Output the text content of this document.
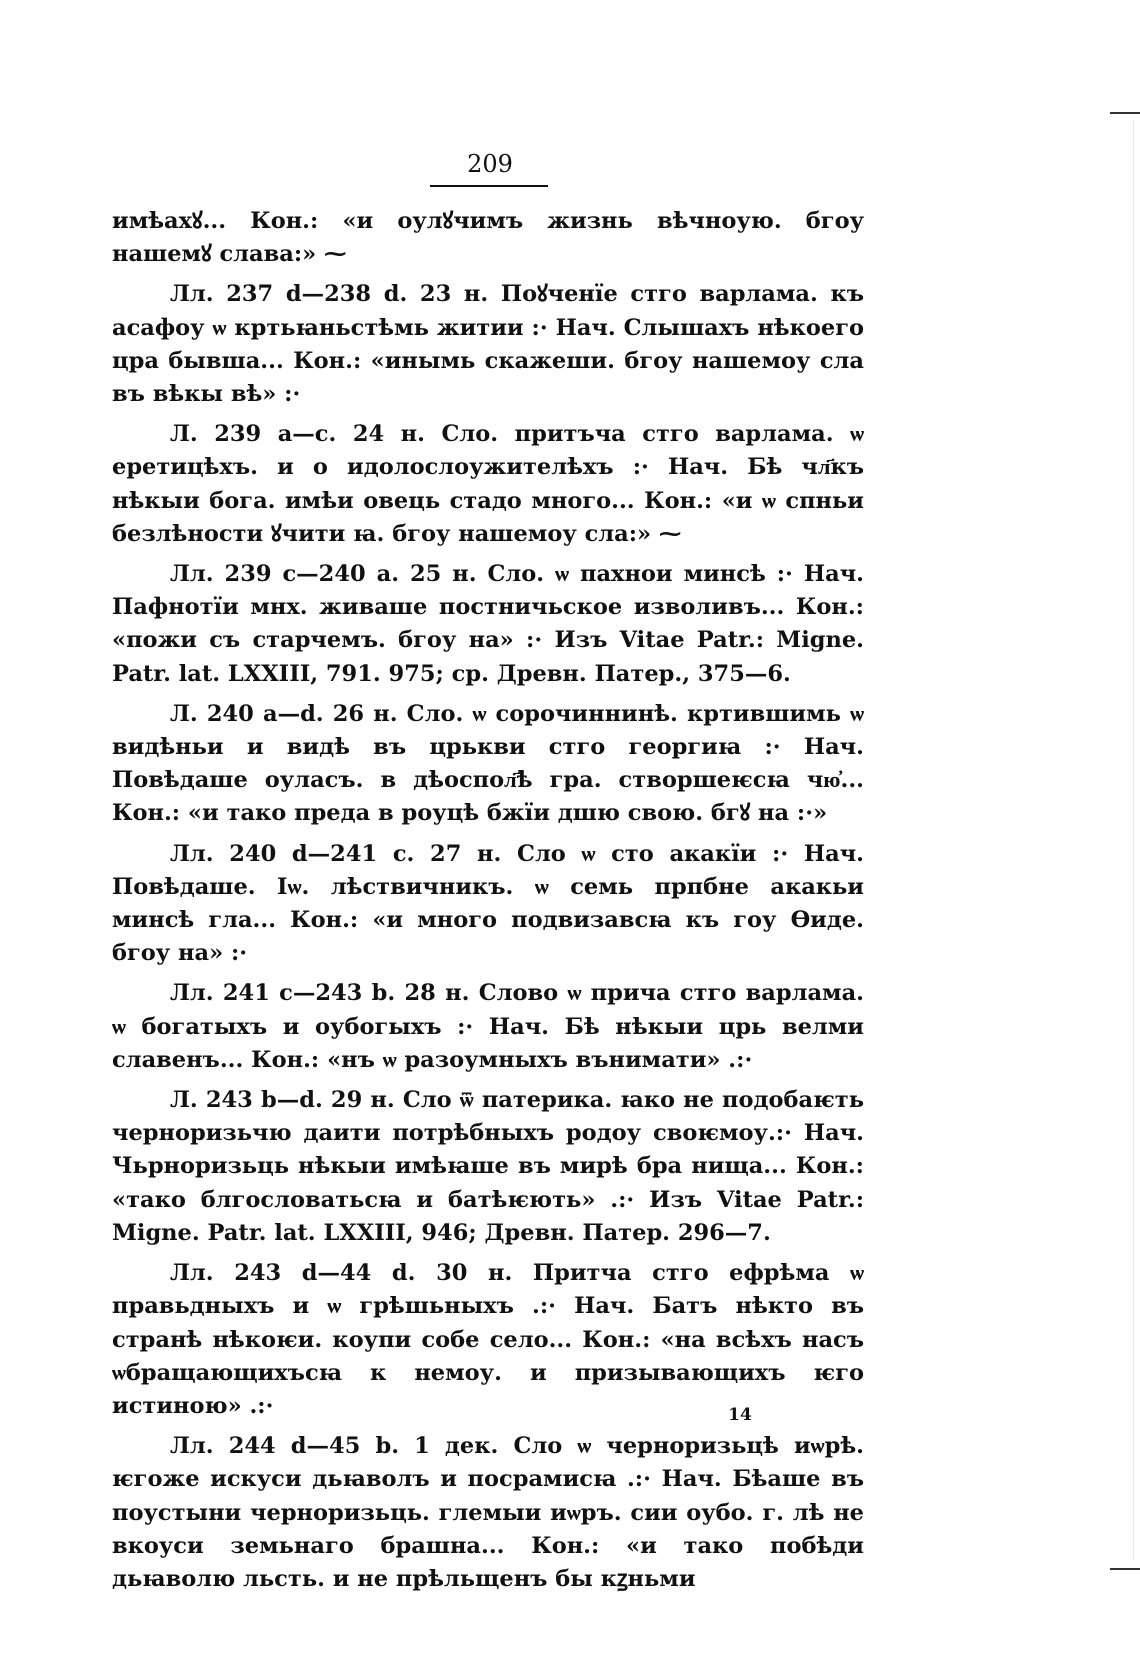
209

имѣахꙋ... Кон.: «и оулꙋчимъ жизнь вѣчноую. бгоу нашемꙋ слава:» ⁓

Лл. 237 d—238 d. 23 н. Поꙋченїе стго варлама. къ асафоу ѡ кртьꙗньстѣмь житии :· Нач. Слышахъ нѣкоего цра бывша... Кон.: «инымь скажеши. бгоу нашемоу сла въ вѣкы вѣ» :·

Л. 239 а—с. 24 н. Сло. притъча стго варлама. ѡ еретицѣхъ. и о идолослоужителѣхъ :· Нач. Бѣ чл҃къ нѣкыи бога. имѣи овець стадо много... Кон.: «и ѡ спньи безлѣности ꙋчити ꙗ. бгоу нашемоу сла:» ⁓

Лл. 239 с—240 а. 25 н. Сло. ѡ пахнои минсѣ :· Нач. Пафнотїи мнх. живаше постничьское изволивъ... Кон.: «пожи съ старчемъ. бгоу на» :· Изъ Vitae Patr.: Migne. Patr. lat. LXXIII, 791. 975; ср. Древн. Патер., 375—6.

Л. 240 а—d. 26 н. Сло. ѡ сорочиннинѣ. кртившимь ѡ видѣньи и видѣ въ црькви стго георгиꙗ :· Нач. Повѣдаше оуласъ. в дѣоспол҃ѣ гра. створшеѥсꙗ чю҆... Кон.: «и тако преда в роуцѣ бжїи дшю свою. бгꙋ на :·»

Лл. 240 d—241 с. 27 н. Сло ѡ сто акакїи :· Нач. Повѣдаше. Іѡ. лѣствичникъ. ѡ семь прпбне акакьи минсѣ гла... Кон.: «и много подвизавсꙗ къ гоу Ѳиде. бгоу на» :·

Лл. 241 с—243 b. 28 н. Слово ѡ прича стго варлама. ѡ богатыхъ и оубогыхъ :· Нач. Бѣ нѣкыи црь велми славенъ... Кон.: «нъ ѡ разоумныхъ вънимати» .:·

Л. 243 b—d. 29 н. Сло ѿ патерика. ꙗко не подобаѥть черноризьчю даити потрѣбныхъ родоу своѥмоу.:· Нач. Чьрноризьць нѣкыи имѣꙗше въ мирѣ бра нища... Кон.: «тако блгословатьсꙗ и батѣѥють» .:· Изъ Vitae Patr.: Migne. Patr. lat. LXXIII, 946; Древн. Патер. 296—7.

Лл. 243 d—44 d. 30 н. Притча стго ефрѣма ѡ правьдныхъ и ѡ грѣшьныхъ .:· Нач. Батъ нѣкто въ странѣ нѣкоѥи. коупи собе село... Кон.: «на всѣхъ насъ ѡбращающихъсꙗ к немоу. и призывающихъ ѥго истиною» .:·

Лл. 244 d—45 b. 1 дек. Сло ѡ черноризьцѣ иѡрѣ. ѥгоже искуси дьꙗволъ и посрамисꙗ .:· Нач. Бѣаше въ поустыни черноризьць. глемыи иѡръ. сии оубо. г. лѣ не вкоуси земьнаго брашна... Кон.: «и тако побѣди дьꙗволю льсть. и не прѣльщенъ бы кꙁньми

14
